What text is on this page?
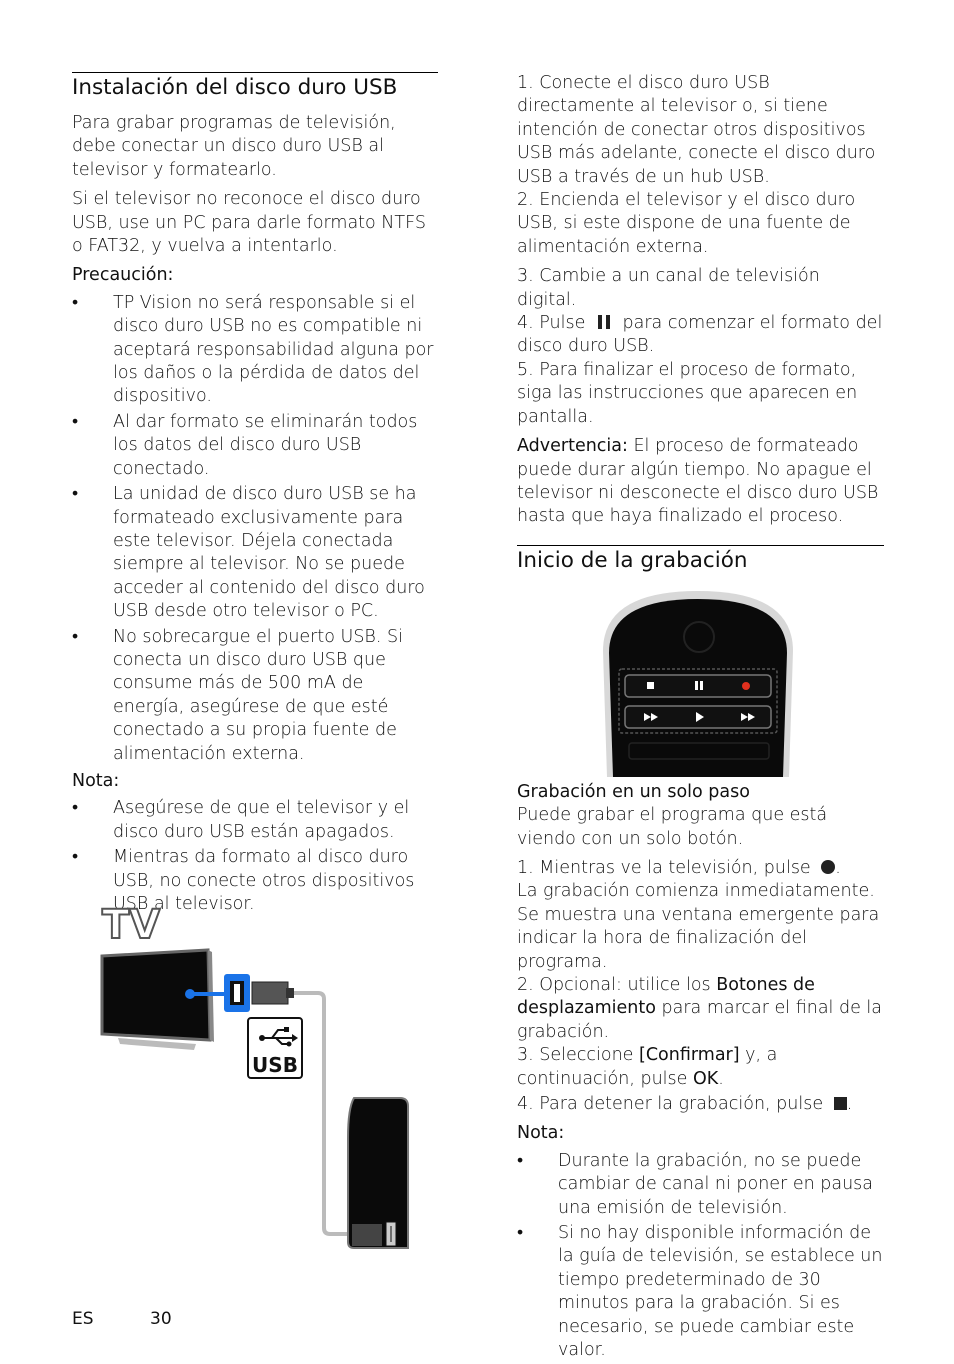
Instalación del disco duro USB

Para grabar programas de televisión, debe conectar un disco duro USB al televisor y formatearlo.

Si el televisor no reconoce el disco duro USB, use un PC para darle formato NTFS o FAT32, y vuelva a intentarlo.

Precaución:

• TP Vision no será responsable si el disco duro USB no es compatible ni aceptará responsabilidad alguna por los daños o la pérdida de datos del dispositivo.
• Al dar formato se eliminarán todos los datos del disco duro USB conectado.
• La unidad de disco duro USB se ha formateado exclusivamente para este televisor. Déjela conectada siempre al televisor. No se puede acceder al contenido del disco duro USB desde otro televisor o PC.
• No sobrecargue el puerto USB. Si conecta un disco duro USB que consume más de 500 mA de energía, asegúrese de que esté conectado a su propia fuente de alimentación externa.

Nota:

• Asegúrese de que el televisor y el disco duro USB están apagados.
• Mientras da formato al disco duro USB, no conecte otros dispositivos USB al televisor.
TV
USB

1. Conecte el disco duro USB directamente al televisor o, si tiene intención de conectar otros dispositivos USB más adelante, conecte el disco duro USB a través de un hub USB.

2. Encienda el televisor y el disco duro USB, si este dispone de una fuente de alimentación externa.

3. Cambie a un canal de televisión digital.

4. Pulse para comenzar el formato del disco duro USB.

5. Para finalizar el proceso de formato, siga las instrucciones que aparecen en pantalla.

Advertencia: El proceso de formateado puede durar algún tiempo. No apague el televisor ni desconecte el disco duro USB hasta que haya finalizado el proceso.

Inicio de la grabación

Grabación en un solo paso

Puede grabar el programa que está viendo con un solo botón.

1. Mientras ve la televisión, pulse .

La grabación comienza inmediatamente. Se muestra una ventana emergente para indicar la hora de finalización del programa.

2. Opcional: utilice los Botones de desplazamiento para marcar el final de la grabación.

3. Seleccione [Confirmar] y, a continuación, pulse OK.

4. Para detener la grabación, pulse .

Nota:

• Durante la grabación, no se puede cambiar de canal ni poner en pausa una emisión de televisión.
• Si no hay disponible información de la guía de televisión, se establece un tiempo predeterminado de 30 minutos para la grabación. Si es necesario, se puede cambiar este valor.
ES	30
